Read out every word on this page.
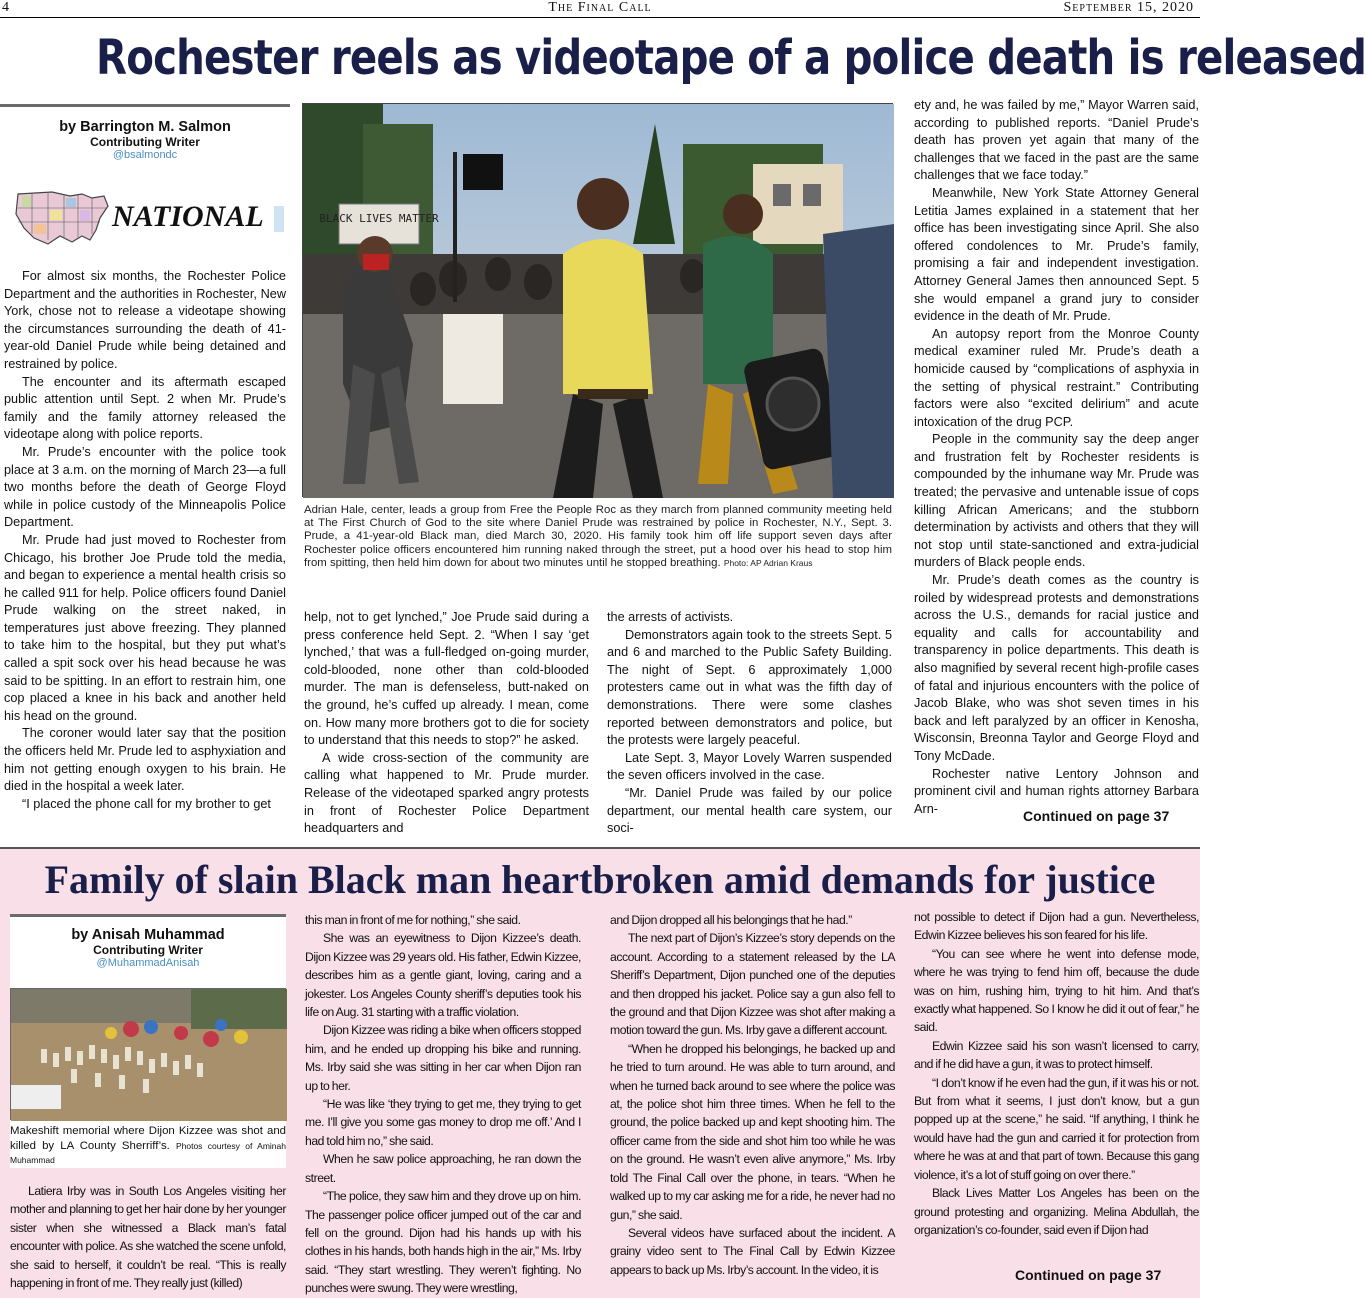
4	The Final Call	September 15, 2020
Rochester reels as videotape of a police death is released
by Barrington M. Salmon
Contributing Writer
@bsalmondc
NATIONAL

For almost six months, the Rochester Police Department and the authorities in Rochester, New York, chose not to release a videotape showing the circumstances surrounding the death of 41-year-old Daniel Prude while being detained and restrained by police.

The encounter and its aftermath escaped public attention until Sept. 2 when Mr. Prude’s family and the family attorney released the videotape along with police reports.

Mr. Prude’s encounter with the police took place at 3 a.m. on the morning of March 23—a full two months before the death of George Floyd while in police custody of the Minneapolis Police Department.

Mr. Prude had just moved to Rochester from Chicago, his brother Joe Prude told the media, and began to experience a mental health crisis so he called 911 for help. Police officers found Daniel Prude walking on the street naked, in temperatures just above freezing. They planned to take him to the hospital, but they put what’s called a spit sock over his head because he was said to be spitting. In an effort to restrain him, one cop placed a knee in his back and another held his head on the ground.

The coroner would later say that the position the officers held Mr. Prude led to asphyxiation and him not getting enough oxygen to his brain. He died in the hospital a week later.

“I placed the phone call for my brother to get

BLACK LIVES MATTER
Adrian Hale, center, leads a group from Free the People Roc as they march from planned community meeting held at The First Church of God to the site where Daniel Prude was restrained by police in Rochester, N.Y., Sept. 3. Prude, a 41-year-old Black man, died March 30, 2020. His family took him off life support seven days after Rochester police officers encountered him running naked through the street, put a hood over his head to stop him from spitting, then held him down for about two minutes until he stopped breathing. Photo: AP Adrian Kraus

help, not to get lynched,” Joe Prude said during a press conference held Sept. 2. “When I say ‘get lynched,’ that was a full-fledged on-going murder, cold-blooded, none other than cold-blooded murder. The man is defenseless, butt-naked on the ground, he’s cuffed up already. I mean, come on. How many more brothers got to die for society to understand that this needs to stop?” he asked.

A wide cross-section of the community are calling what happened to Mr. Prude murder. Release of the videotaped sparked angry protests in front of Rochester Police Department headquarters and

the arrests of activists.

Demonstrators again took to the streets Sept. 5 and 6 and marched to the Public Safety Building. The night of Sept. 6 approximately 1,000 protesters came out in what was the fifth day of demonstrations. There were some clashes reported between demonstrators and police, but the protests were largely peaceful.

Late Sept. 3, Mayor Lovely Warren suspended the seven officers involved in the case.

“Mr. Daniel Prude was failed by our police department, our mental health care system, our soci-

ety and, he was failed by me,” Mayor Warren said, according to published reports. “Daniel Prude’s death has proven yet again that many of the challenges that we faced in the past are the same challenges that we face today.”

Meanwhile, New York State Attorney General Letitia James explained in a statement that her office has been investigating since April. She also offered condolences to Mr. Prude’s family, promising a fair and independent investigation. Attorney General James then announced Sept. 5 she would empanel a grand jury to consider evidence in the death of Mr. Prude.

An autopsy report from the Monroe County medical examiner ruled Mr. Prude’s death a homicide caused by “complications of asphyxia in the setting of physical restraint.” Contributing factors were also “excited delirium” and acute intoxication of the drug PCP.

People in the community say the deep anger and frustration felt by Rochester residents is compounded by the inhumane way Mr. Prude was treated; the pervasive and untenable issue of cops killing African Americans; and the stubborn determination by activists and others that they will not stop until state-sanctioned and extra-judicial murders of Black people ends.

Mr. Prude’s death comes as the country is roiled by widespread protests and demonstrations across the U.S., demands for racial justice and equality and calls for accountability and transparency in police departments. This death is also magnified by several recent high-profile cases of fatal and injurious encounters with the police of Jacob Blake, who was shot seven times in his back and left paralyzed by an officer in Kenosha, Wisconsin, Breonna Taylor and George Floyd and Tony McDade.

Rochester native Lentory Johnson and prominent civil and human rights attorney Barbara Arn-	Continued on page 37
Family of slain Black man heartbroken amid demands for justice
by Anisah Muhammad
Contributing Writer
@MuhammadAnisah
Makeshift memorial where Dijon Kizzee was shot and killed by LA County Sherriff’s. Photos courtesy of Aminah Muhammad

Latiera Irby was in South Los Angeles visiting her mother and planning to get her hair done by her younger sister when she witnessed a Black man’s fatal encounter with police. As she watched the scene unfold, she said to herself, it couldn’t be real. “This is really happening in front of me. They really just (killed)

this man in front of me for nothing,” she said.

She was an eyewitness to Dijon Kizzee’s death. Dijon Kizzee was 29 years old. His father, Edwin Kizzee, describes him as a gentle giant, loving, caring and a jokester. Los Angeles County sheriff’s deputies took his life on Aug. 31 starting with a traffic violation.

Dijon Kizzee was riding a bike when officers stopped him, and he ended up dropping his bike and running. Ms. Irby said she was sitting in her car when Dijon ran up to her.

“He was like ‘they trying to get me, they trying to get me. I’ll give you some gas money to drop me off.’ And I had told him no,” she said.

When he saw police approaching, he ran down the street.

“The police, they saw him and they drove up on him. The passenger police officer jumped out of the car and fell on the ground. Dijon had his hands up with his clothes in his hands, both hands high in the air,” Ms. Irby said. “They start wrestling. They weren’t fighting. No punches were swung. They were wrestling,

and Dijon dropped all his belongings that he had.”

The next part of Dijon’s Kizzee’s story depends on the account. According to a statement released by the LA Sheriff’s Department, Dijon punched one of the deputies and then dropped his jacket. Police say a gun also fell to the ground and that Dijon Kizzee was shot after making a motion toward the gun. Ms. Irby gave a different account.

“When he dropped his belongings, he backed up and he tried to turn around. He was able to turn around, and when he turned back around to see where the police was at, the police shot him three times. When he fell to the ground, the police backed up and kept shooting him. The officer came from the side and shot him too while he was on the ground. He wasn’t even alive anymore,” Ms. Irby told The Final Call over the phone, in tears. “When he walked up to my car asking me for a ride, he never had no gun,” she said.

Several videos have surfaced about the incident. A grainy video sent to The Final Call by Edwin Kizzee appears to back up Ms. Irby’s account. In the video, it is

not possible to detect if Dijon had a gun. Nevertheless, Edwin Kizzee believes his son feared for his life.

“You can see where he went into defense mode, where he was trying to fend him off, because the dude was on him, rushing him, trying to hit him. And that’s exactly what happened. So I know he did it out of fear,” he said.

Edwin Kizzee said his son wasn’t licensed to carry, and if he did have a gun, it was to protect himself.

“I don’t know if he even had the gun, if it was his or not. But from what it seems, I just don’t know, but a gun popped up at the scene,” he said. “If anything, I think he would have had the gun and carried it for protection from where he was at and that part of town. Because this gang violence, it’s a lot of stuff going on over there.”

Black Lives Matter Los Angeles has been on the ground protesting and organizing. Melina Abdullah, the organization’s co-founder, said even if Dijon had

Continued on page 37
